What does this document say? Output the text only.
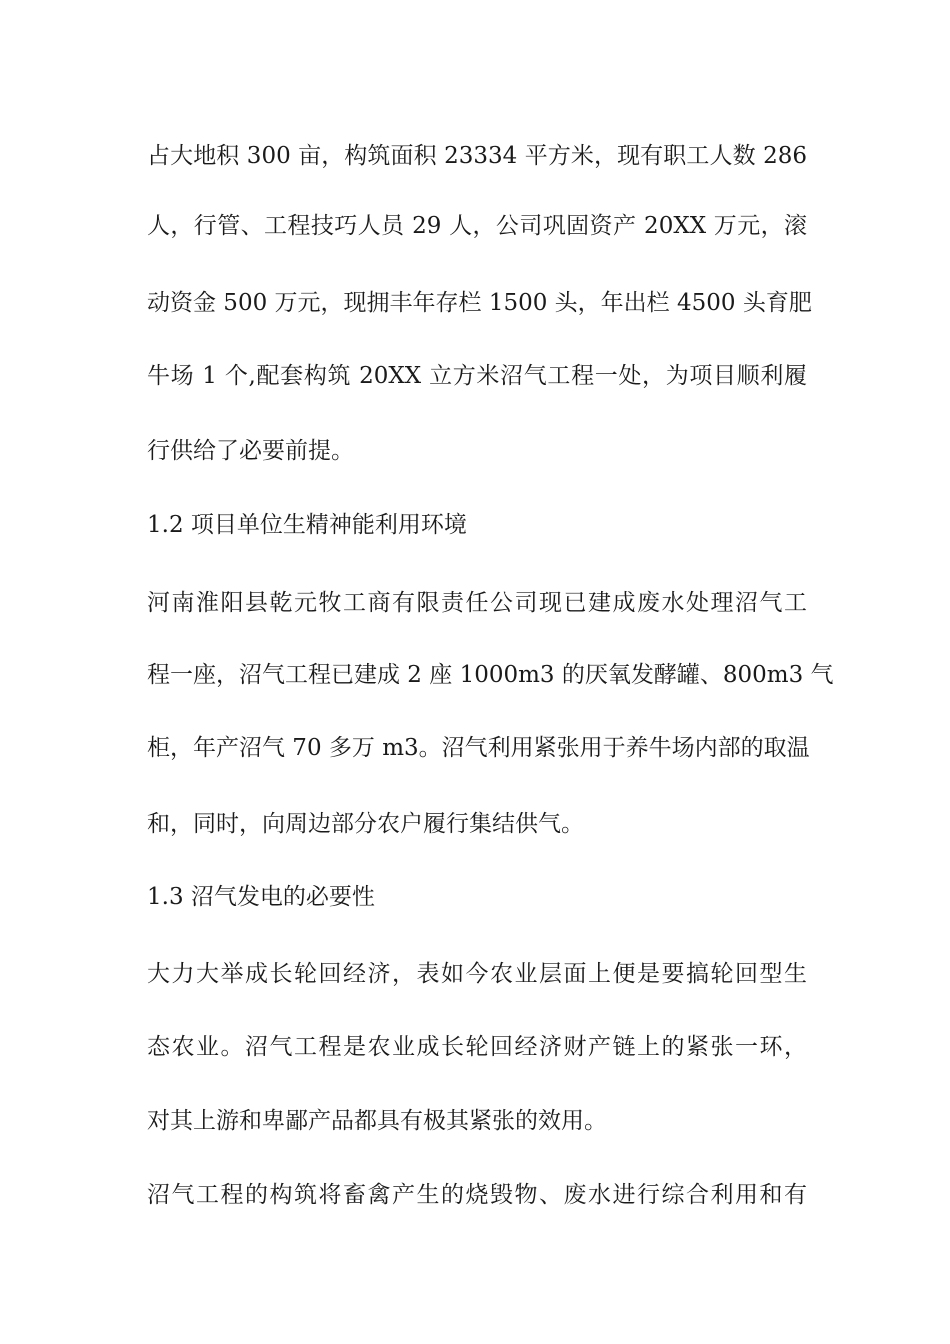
占大地积 300 亩，构筑面积 23334 平方米，现有职工人数 286
人，行管、工程技巧人员 29 人，公司巩固资产 20XX 万元，滚
动资金 500 万元，现拥丰年存栏 1500 头，年出栏 4500 头育肥
牛场 1 个,配套构筑 20XX 立方米沼气工程一处，为项目顺利履
行供给了必要前提。
1.2 项目单位生精神能利用环境
河南淮阳县乾元牧工商有限责任公司现已建成废水处理沼气工
程一座，沼气工程已建成 2 座 1000m3 的厌氧发酵罐、800m3 气
柜，年产沼气 70 多万 m3。沼气利用紧张用于养牛场内部的取温
和，同时，向周边部分农户履行集结供气。
1.3 沼气发电的必要性
大力大举成长轮回经济，表如今农业层面上便是要搞轮回型生
态农业。沼气工程是农业成长轮回经济财产链上的紧张一环，
对其上游和卑鄙产品都具有极其紧张的效用。
沼气工程的构筑将畜禽产生的烧毁物、废水进行综合利用和有
